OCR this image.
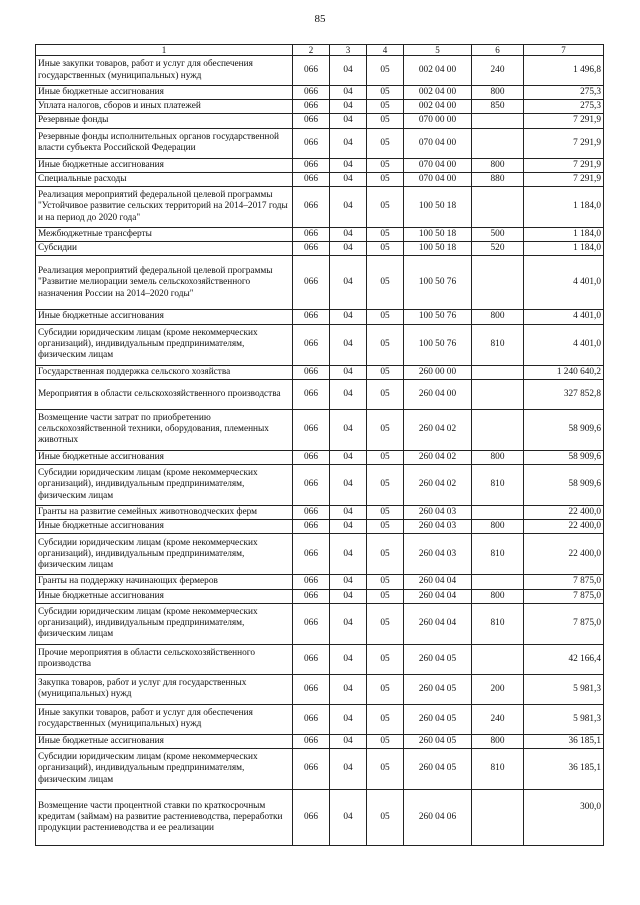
85
1	2	3	4	5	6	7
Иные закупки товаров, работ и услуг для обеспечения государственных (муниципальных) нужд	066	04	05	002 04 00	240	1 496,8
Иные бюджетные ассигнования	066	04	05	002 04 00	800	275,3
Уплата налогов, сборов и иных платежей	066	04	05	002 04 00	850	275,3
Резервные фонды	066	04	05	070 00 00		7 291,9
Резервные фонды исполнительных органов государственной власти субъекта Российской Федерации	066	04	05	070 04 00		7 291,9
Иные бюджетные ассигнования	066	04	05	070 04 00	800	7 291,9
Специальные расходы	066	04	05	070 04 00	880	7 291,9
Реализация мероприятий федеральной целевой программы "Устойчивое развитие сельских территорий на 2014–2017 годы и на период до 2020 года"	066	04	05	100 50 18		1 184,0
Межбюджетные трансферты	066	04	05	100 50 18	500	1 184,0
Субсидии	066	04	05	100 50 18	520	1 184,0
Реализация мероприятий федеральной целевой программы "Развитие мелиорации земель сельскохозяйственного назначения России на 2014–2020 годы"	066	04	05	100 50 76		4 401,0
Иные бюджетные ассигнования	066	04	05	100 50 76	800	4 401,0
Субсидии юридическим лицам (кроме некоммерческих организаций), индивидуальным предпринимателям, физическим лицам	066	04	05	100 50 76	810	4 401,0
Государственная поддержка сельского хозяйства	066	04	05	260 00 00		1 240 640,2
Мероприятия в области сельскохозяйственного производства	066	04	05	260 04 00		327 852,8
Возмещение части затрат по приобретению сельскохозяйственной техники, оборудования, племенных животных	066	04	05	260 04 02		58 909,6
Иные бюджетные ассигнования	066	04	05	260 04 02	800	58 909,6
Субсидии юридическим лицам (кроме некоммерческих организаций), индивидуальным предпринимателям, физическим лицам	066	04	05	260 04 02	810	58 909,6
Гранты на развитие семейных животноводческих ферм	066	04	05	260 04 03		22 400,0
Иные бюджетные ассигнования	066	04	05	260 04 03	800	22 400,0
Субсидии юридическим лицам (кроме некоммерческих организаций), индивидуальным предпринимателям, физическим лицам	066	04	05	260 04 03	810	22 400,0
Гранты на поддержку начинающих фермеров	066	04	05	260 04 04		7 875,0
Иные бюджетные ассигнования	066	04	05	260 04 04	800	7 875,0
Субсидии юридическим лицам (кроме некоммерческих организаций), индивидуальным предпринимателям, физическим лицам	066	04	05	260 04 04	810	7 875,0
Прочие мероприятия в области сельскохозяйственного производства	066	04	05	260 04 05		42 166,4
Закупка товаров, работ и услуг для государственных (муниципальных) нужд	066	04	05	260 04 05	200	5 981,3
Иные закупки товаров, работ и услуг для обеспечения государственных (муниципальных) нужд	066	04	05	260 04 05	240	5 981,3
Иные бюджетные ассигнования	066	04	05	260 04 05	800	36 185,1
Субсидии юридическим лицам (кроме некоммерческих организаций), индивидуальным предпринимателям, физическим лицам	066	04	05	260 04 05	810	36 185,1
Возмещение части процентной ставки по краткосрочным кредитам (займам) на развитие растениеводства, переработки продукции растениеводства и ее реализации	066	04	05	260 04 06		300,0
